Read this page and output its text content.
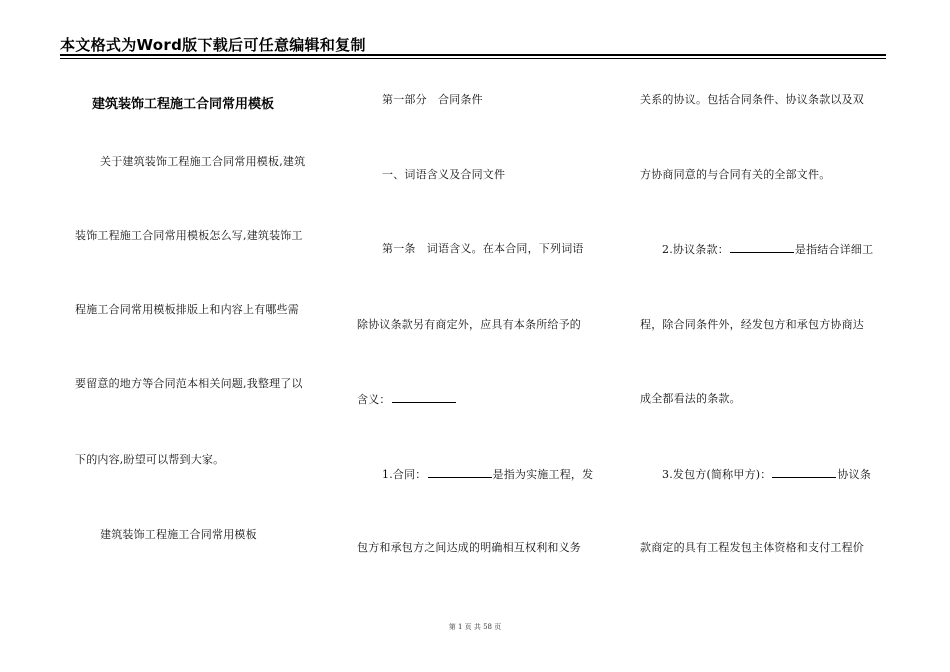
本文格式为Word版下载后可任意编辑和复制
建筑装饰工程施工合同常用模板
关于建筑装饰工程施工合同常用模板,建筑
装饰工程施工合同常用模板怎么写,建筑装饰工
程施工合同常用模板排版上和内容上有哪些需
要留意的地方等合同范本相关问题,我整理了以
下的内容,盼望可以帮到大家。
建筑装饰工程施工合同常用模板
第一部分　合同条件
一、词语含义及合同文件
第一条　词语含义。在本合同，下列词语
除协议条款另有商定外，应具有本条所给予的
含义：
1.合同：	是指为实施工程，发
包方和承包方之间达成的明确相互权利和义务
关系的协议。包括合同条件、协议条款以及双
方协商同意的与合同有关的全部文件。
2.协议条款：	是指结合详细工
程，除合同条件外，经发包方和承包方协商达
成全都看法的条款。
3.发包方(简称甲方)：	协议条
款商定的具有工程发包主体资格和支付工程价
第 1 页 共 58 页
